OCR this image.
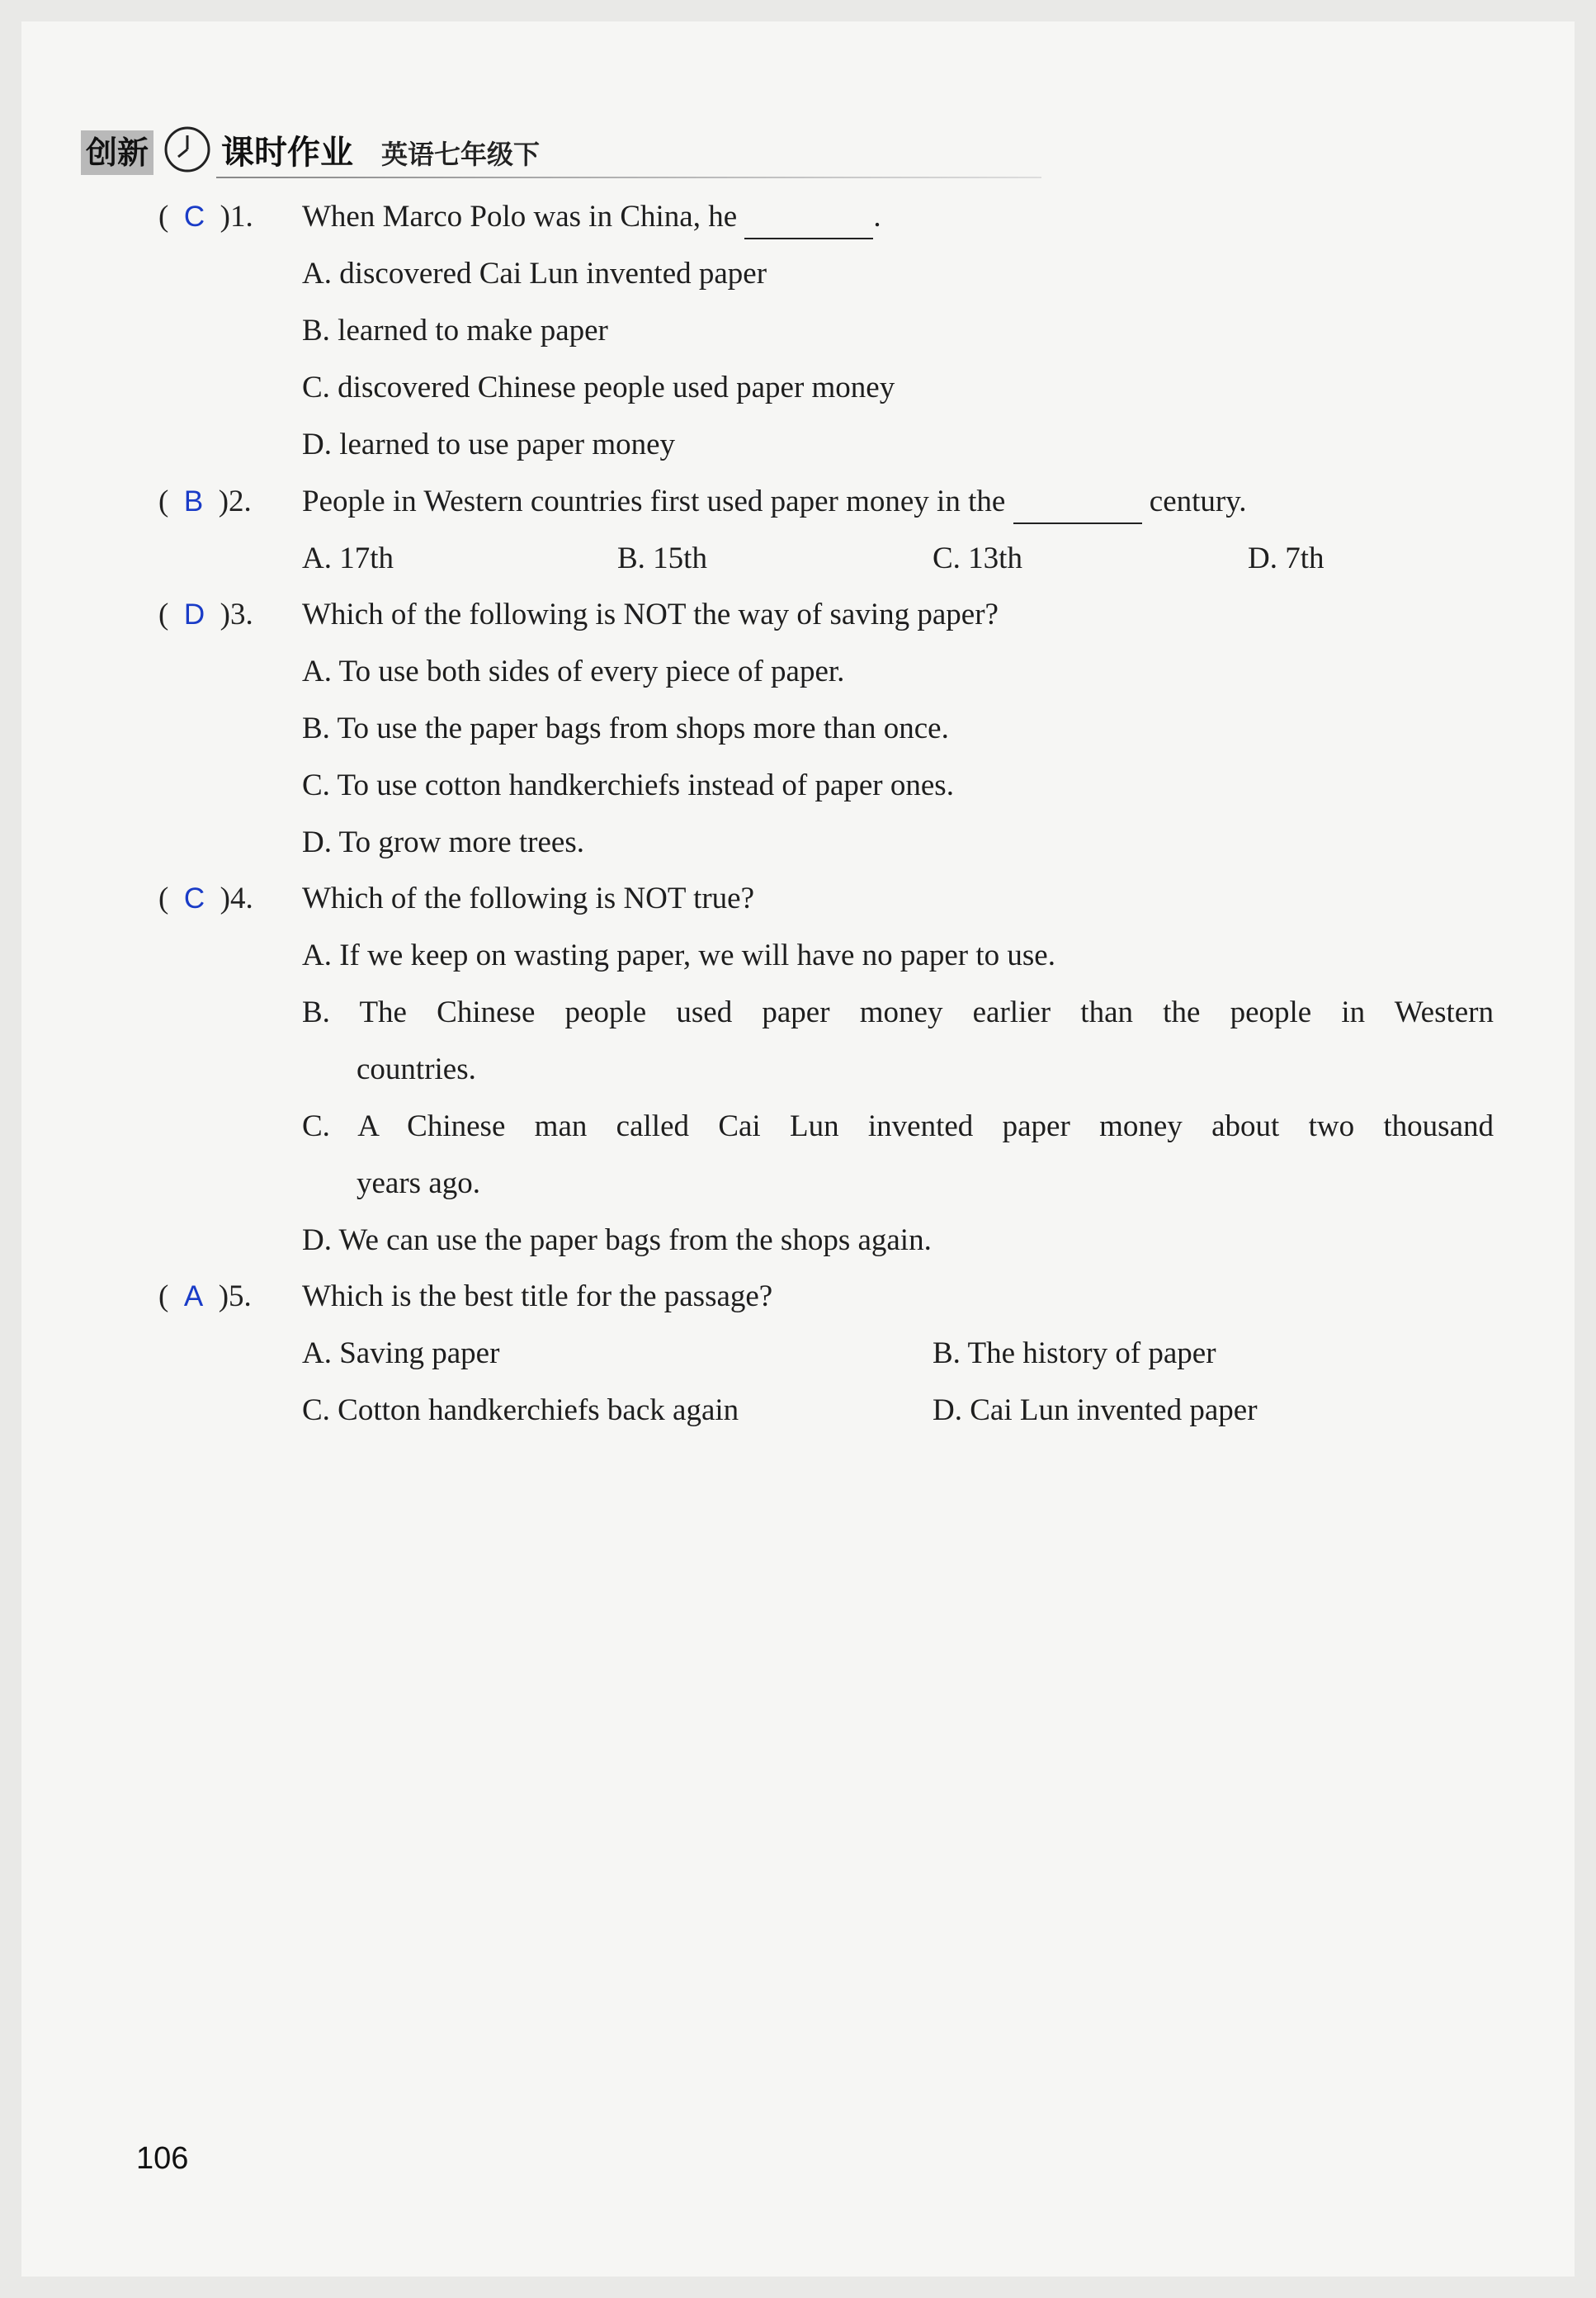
创新 课时作业 英语七年级下
(  C  )1. When Marco Polo was in China, he	.
A. discovered Cai Lun invented paper
B. learned to make paper
C. discovered Chinese people used paper money
D. learned to use paper money
(  B  )2. People in Western countries first used paper money in the	century.
A. 17th	B. 15th	C. 13th	D. 7th
(  D  )3. Which of the following is NOT the way of saving paper?
A. To use both sides of every piece of paper.
B. To use the paper bags from shops more than once.
C. To use cotton handkerchiefs instead of paper ones.
D. To grow more trees.
(  C  )4. Which of the following is NOT true?
A. If we keep on wasting paper, we will have no paper to use.
B. The Chinese people used paper money earlier than the people in Western
countries.
C. A Chinese man called Cai Lun invented paper money about two thousand
years ago.
D. We can use the paper bags from the shops again.
(  A  )5. Which is the best title for the passage?
A. Saving paper	B. The history of paper
C. Cotton handkerchiefs back again	D. Cai Lun invented paper
106
